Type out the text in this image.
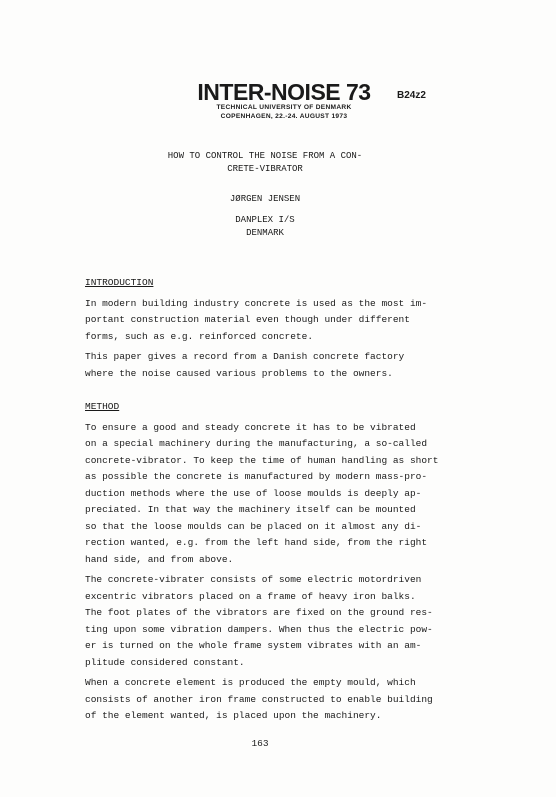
INTER-NOISE 73
TECHNICAL UNIVERSITY OF DENMARK
COPENHAGEN, 22.-24. AUGUST 1973
B24z2
HOW TO CONTROL THE NOISE FROM A CON-
CRETE-VIBRATOR
JØRGEN JENSEN
DANPLEX I/S
DENMARK
INTRODUCTION

In modern building industry concrete is used as the most im-
portant construction material even though under different
forms, such as e.g. reinforced concrete.

This paper gives a record from a Danish concrete factory
where the noise caused various problems to the owners.

METHOD

To ensure a good and steady concrete it has to be vibrated
on a special machinery during the manufacturing, a so-called
concrete-vibrator. To keep the time of human handling as short
as possible the concrete is manufactured by modern mass-pro-
duction methods where the use of loose moulds is deeply ap-
preciated. In that way the machinery itself can be mounted
so that the loose moulds can be placed on it almost any di-
rection wanted, e.g. from the left hand side, from the right
hand side, and from above.

The concrete-vibrater consists of some electric motordriven
excentric vibrators placed on a frame of heavy iron balks.
The foot plates of the vibrators are fixed on the ground res-
ting upon some vibration dampers. When thus the electric pow-
er is turned on the whole frame system vibrates with an am-
plitude considered constant.

When a concrete element is produced the empty mould, which
consists of another iron frame constructed to enable building
of the element wanted, is placed upon the machinery.

163
